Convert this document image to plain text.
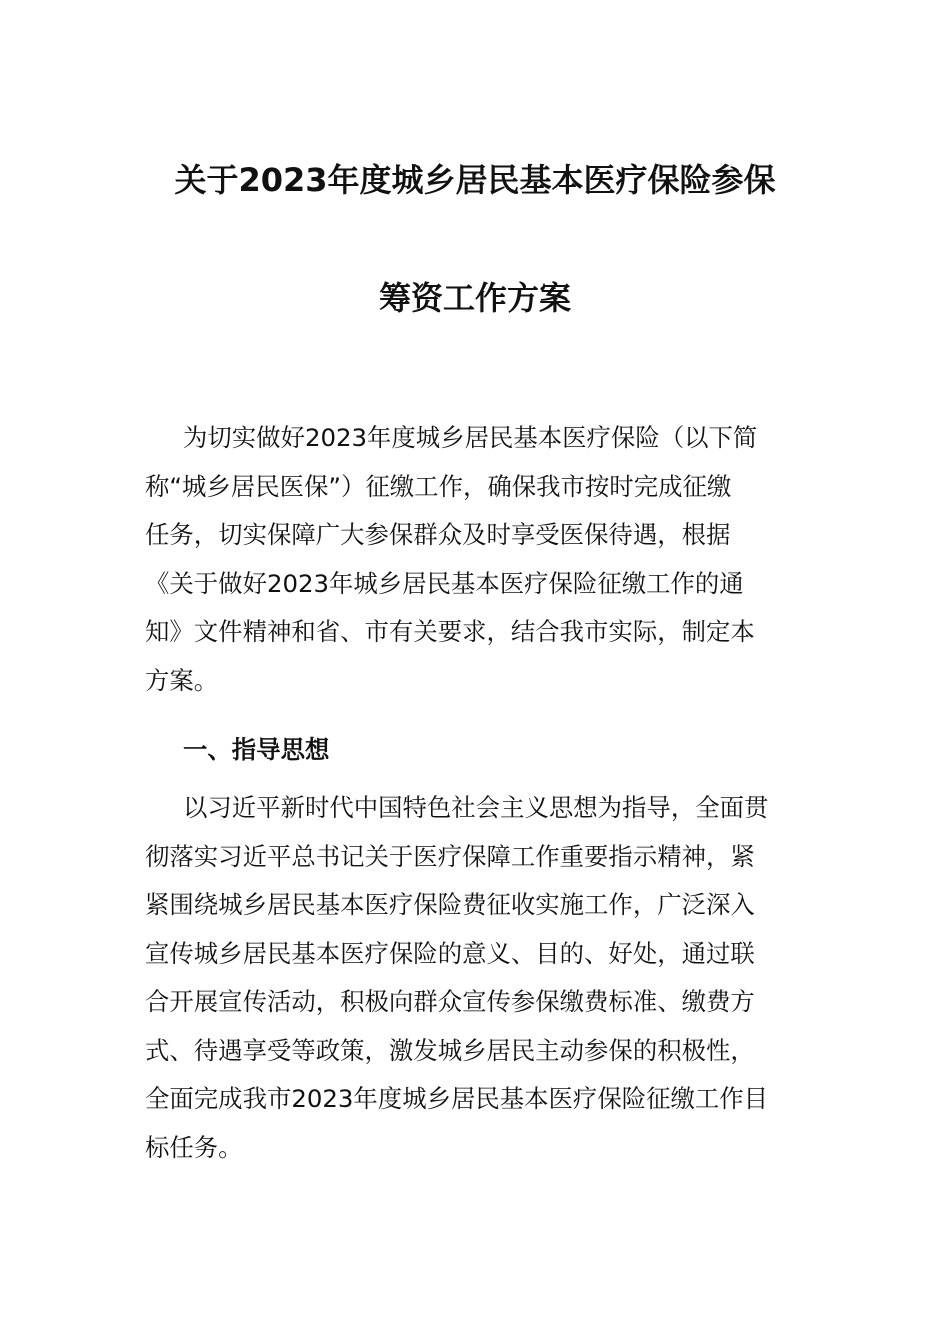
关于2023年度城乡居民基本医疗保险参保
筹资工作方案
为切实做好2023年度城乡居民基本医疗保险（以下简
称“城乡居民医保”）征缴工作，确保我市按时完成征缴
任务，切实保障广大参保群众及时享受医保待遇，根据
《关于做好2023年城乡居民基本医疗保险征缴工作的通
知》文件精神和省、市有关要求，结合我市实际，制定本
方案。
一、指导思想
以习近平新时代中国特色社会主义思想为指导，全面贯
彻落实习近平总书记关于医疗保障工作重要指示精神，紧
紧围绕城乡居民基本医疗保险费征收实施工作，广泛深入
宣传城乡居民基本医疗保险的意义、目的、好处，通过联
合开展宣传活动，积极向群众宣传参保缴费标准、缴费方
式、待遇享受等政策，激发城乡居民主动参保的积极性，
全面完成我市2023年度城乡居民基本医疗保险征缴工作目
标任务。
